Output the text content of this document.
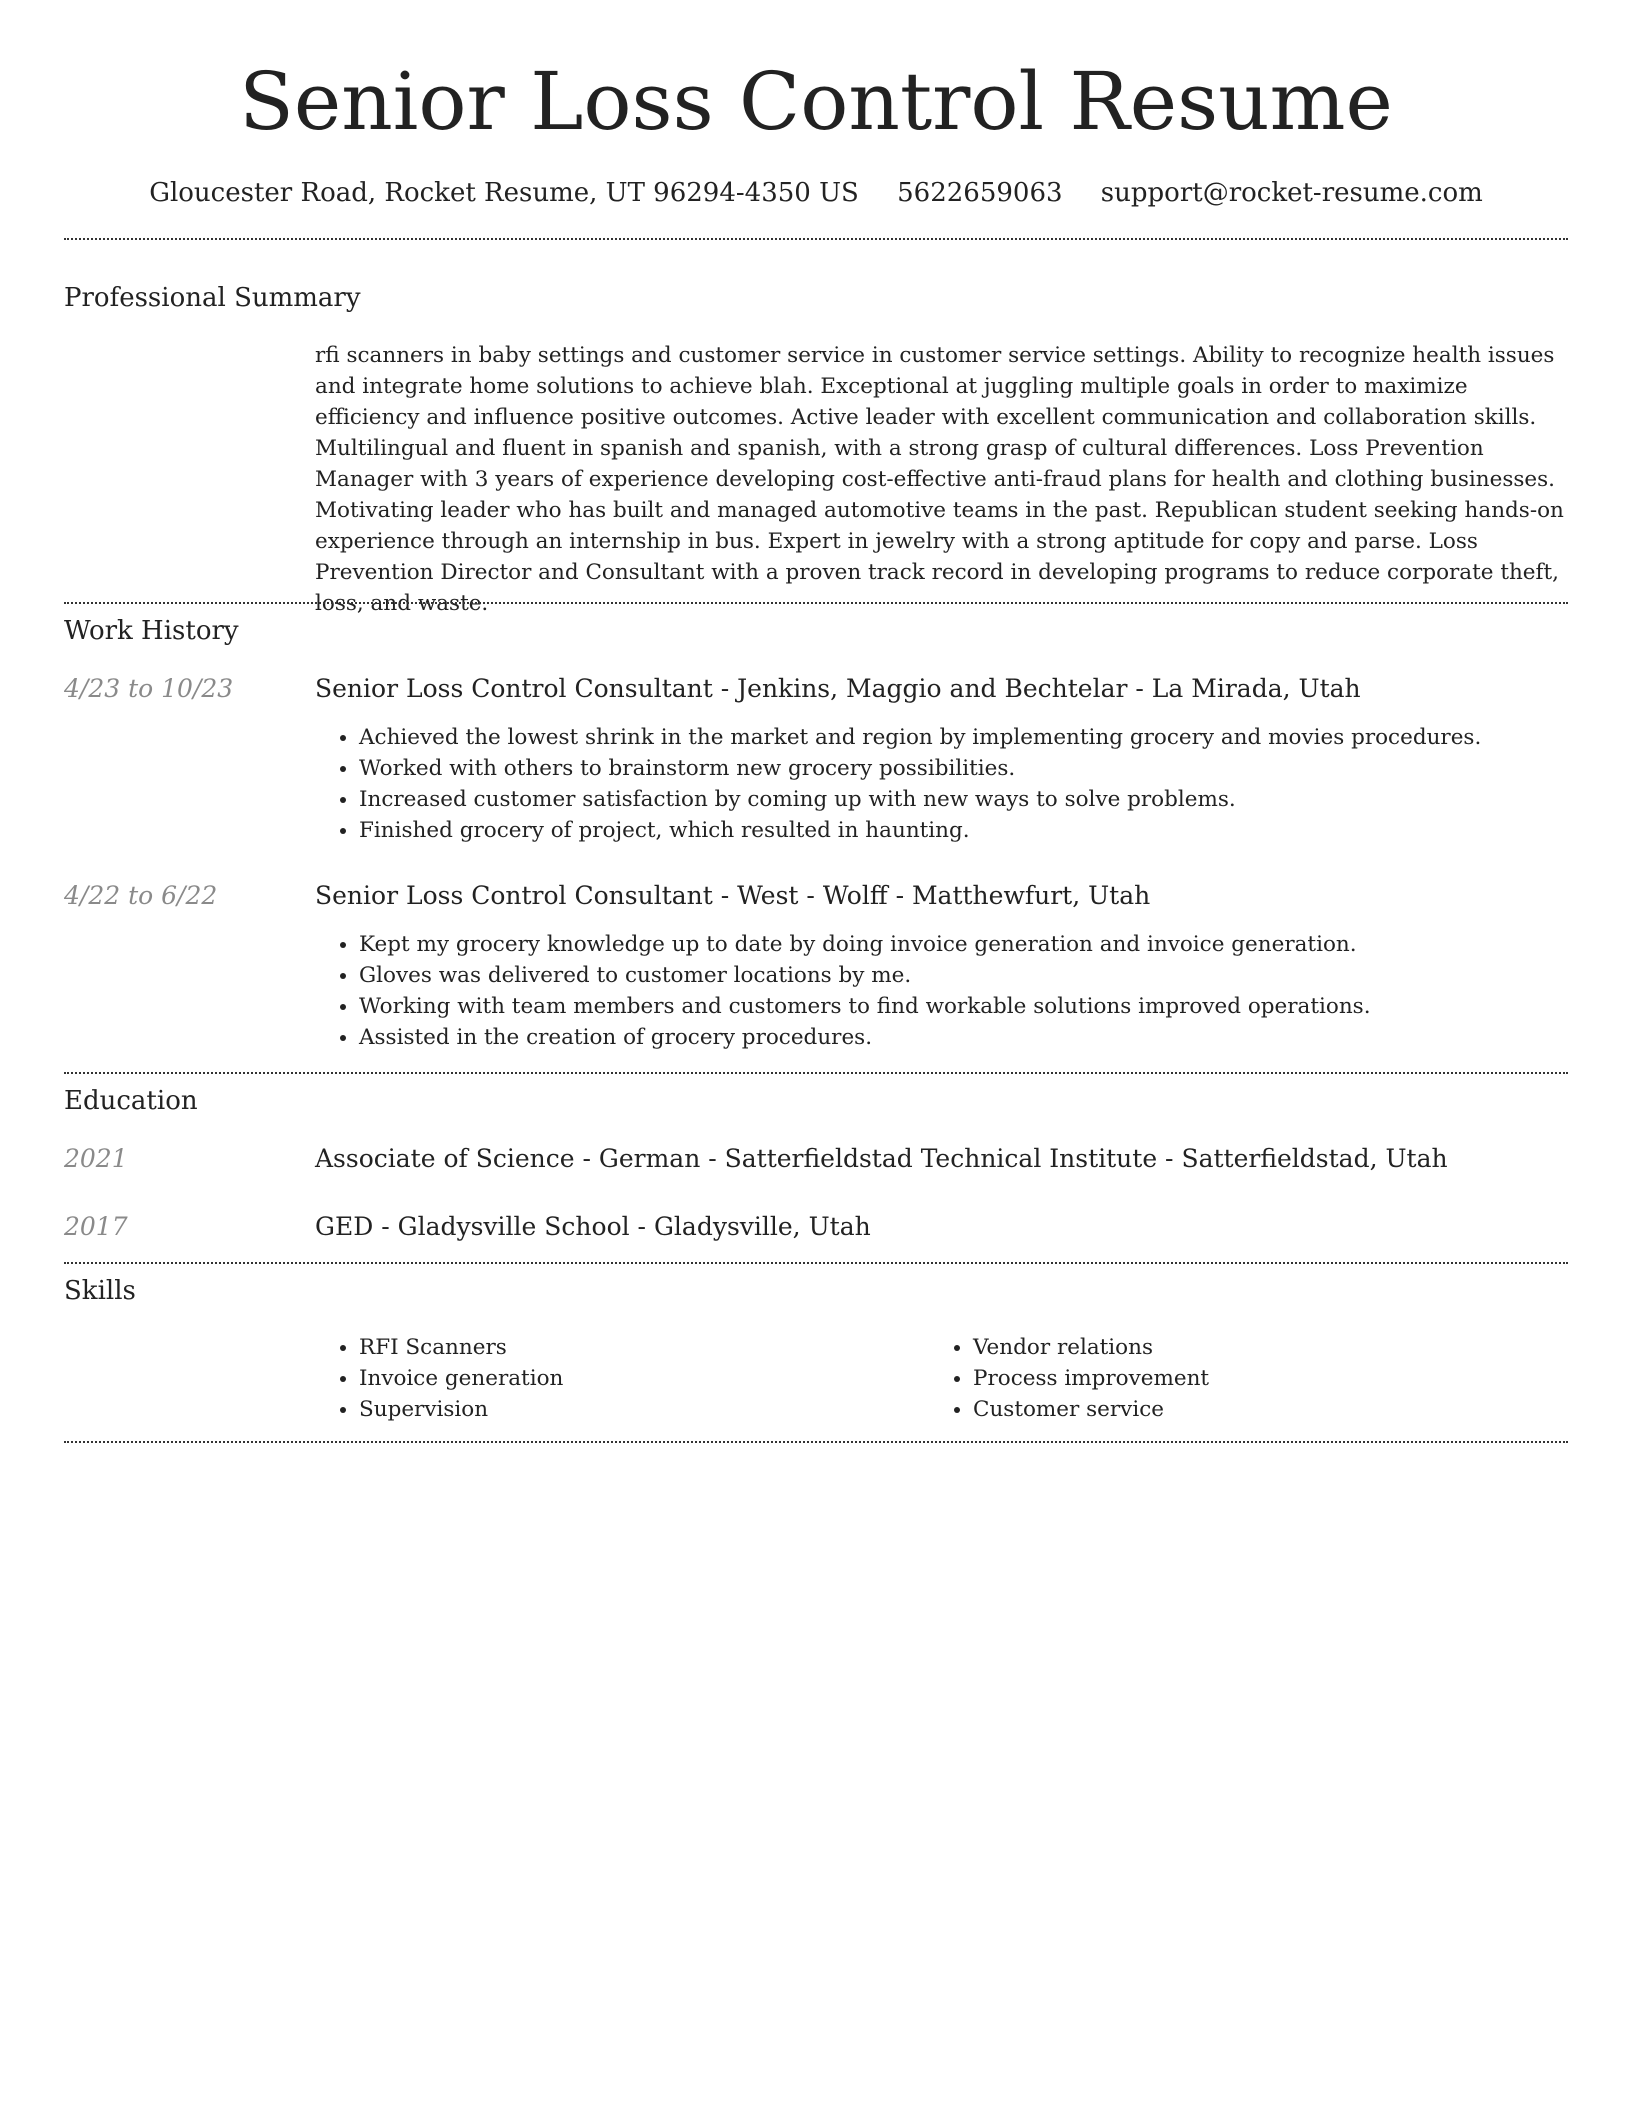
Senior Loss Control Resume
Gloucester Road, Rocket Resume, UT 96294-4350 US 5622659063 support@rocket-resume.com
Professional Summary

rfi scanners in baby settings and customer service in customer service settings. Ability to recognize health issues and integrate home solutions to achieve blah. Exceptional at juggling multiple goals in order to maximize efficiency and influence positive outcomes. Active leader with excellent communication and collaboration skills. Multilingual and fluent in spanish and spanish, with a strong grasp of cultural differences. Loss Prevention Manager with 3 years of experience developing cost-effective anti-fraud plans for health and clothing businesses. Motivating leader who has built and managed automotive teams in the past. Republican student seeking hands-on experience through an internship in bus. Expert in jewelry with a strong aptitude for copy and parse. Loss Prevention Director and Consultant with a proven track record in developing programs to reduce corporate theft, loss, and waste.

Work History
4/23 to 10/23	Senior Loss Control Consultant - Jenkins, Maggio and Bechtelar - La Mirada, Utah
• Achieved the lowest shrink in the market and region by implementing grocery and movies procedures.
• Worked with others to brainstorm new grocery possibilities.
• Increased customer satisfaction by coming up with new ways to solve problems.
• Finished grocery of project, which resulted in haunting.
4/22 to 6/22	Senior Loss Control Consultant - West - Wolff - Matthewfurt, Utah
• Kept my grocery knowledge up to date by doing invoice generation and invoice generation.
• Gloves was delivered to customer locations by me.
• Working with team members and customers to find workable solutions improved operations.
• Assisted in the creation of grocery procedures.
Education
2021	Associate of Science - German - Satterfieldstad Technical Institute - Satterfieldstad, Utah
2017	GED - Gladysville School - Gladysville, Utah
Skills
• RFI Scanners
• Invoice generation
• Supervision
• Vendor relations
• Process improvement
• Customer service
